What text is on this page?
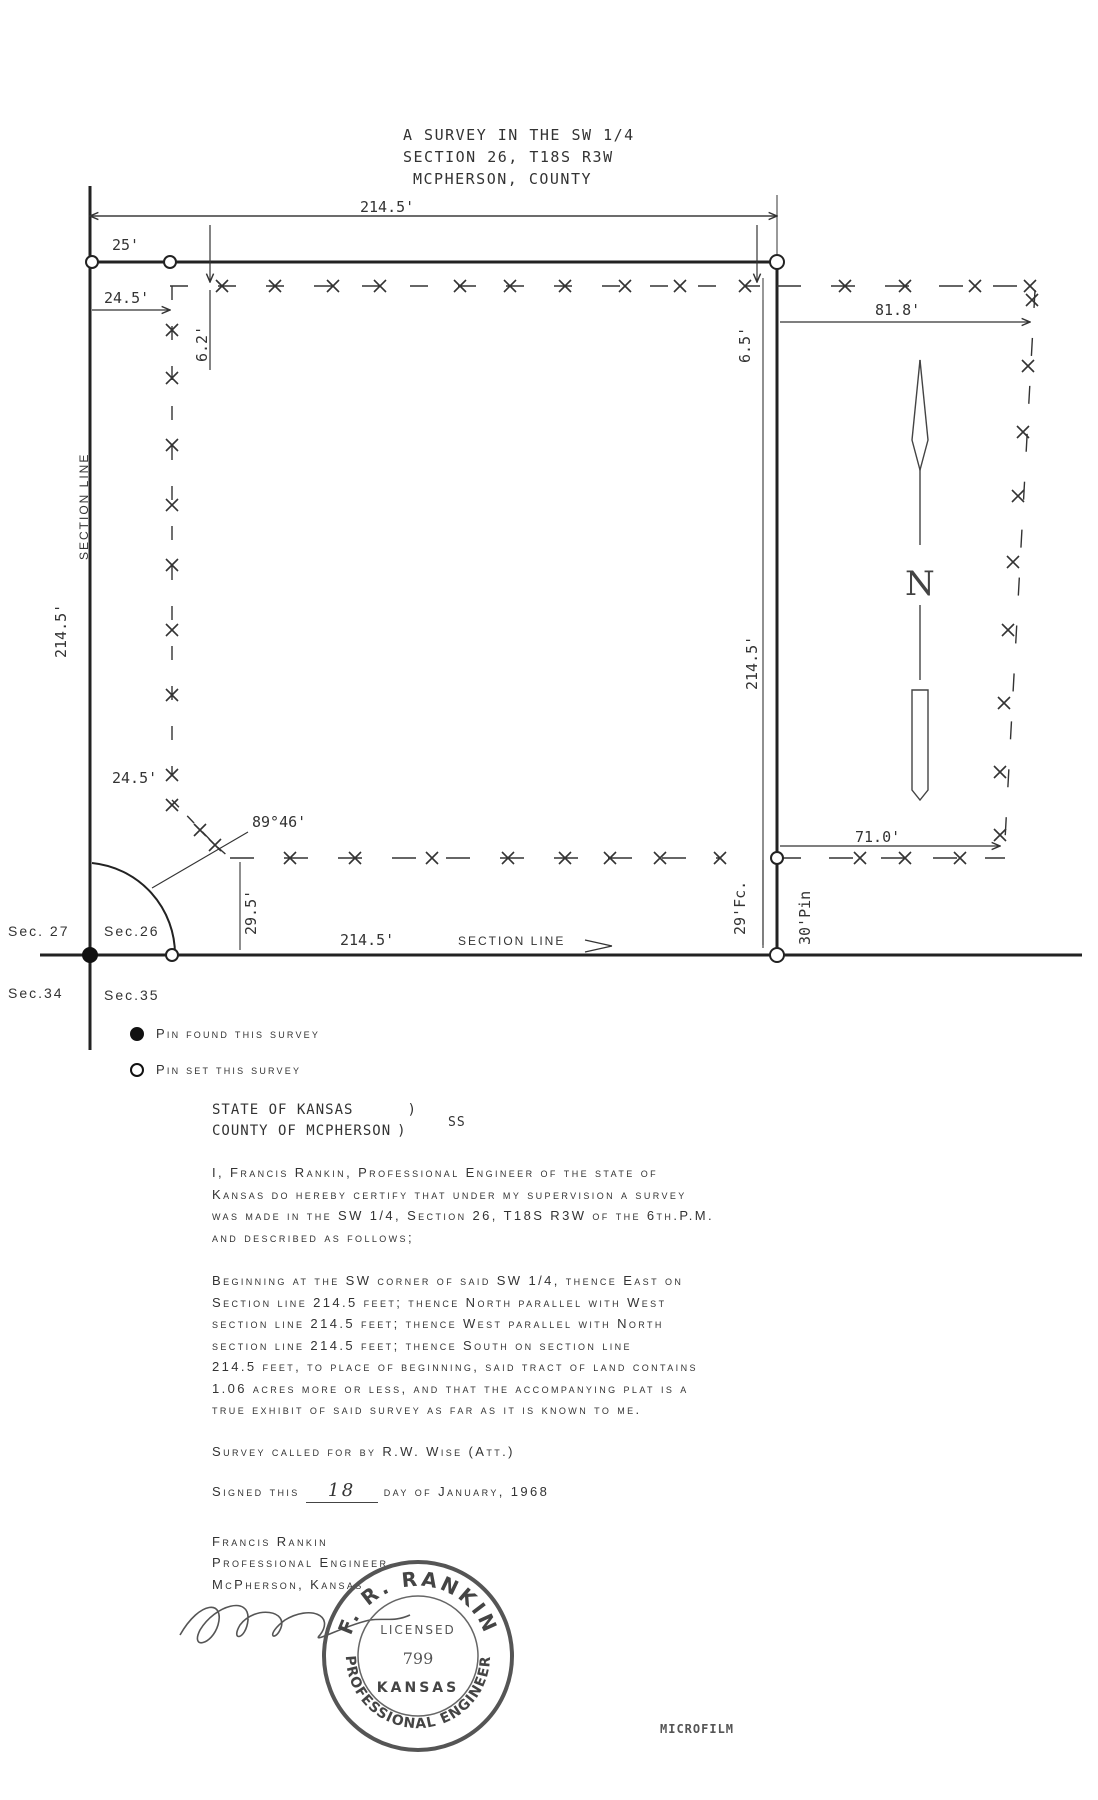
A SURVEY IN THE SW 1/4
SECTION 26, T18S R3W
MCPHERSON, COUNTY
214.5'
25'
24.5'
6.2'	6.5'
214.5'
SECTION LINE
214.5'
81.8'
71.0'
24.5'
89°46'
29.5'
214.5'	SECTION LINE
29'Fc.	30'Pin
Sec. 27 Sec.26
Sec.34	Sec.35
N
Pin found this survey
Pin set this survey
STATE OF KANSAS	)
COUNTY OF MCPHERSON )
SS
I, Francis Rankin, Professional Engineer of the state of
Kansas do hereby certify that under my supervision a survey
was made in the SW 1/4, Section 26, T18S R3W of the 6th.P.M.
and described as follows;
Beginning at the SW corner of said SW 1/4, thence East on
Section line 214.5 feet; thence North parallel with West
section line 214.5 feet; thence West parallel with North
section line 214.5 feet; thence South on section line
214.5 feet, to place of beginning, said tract of land contains
1.06 acres more or less, and that the accompanying plat is a
true exhibit of said survey as far as it is known to me.
Survey called for by R.W. Wise (Att.)
Signed this 18 day of January, 1968
Francis Rankin
Professional Engineer
McPherson, Kansas
F. R. RANKIN
PROFESSIONAL ENGINEER
LICENSED
799
KANSAS
MICROFILM
